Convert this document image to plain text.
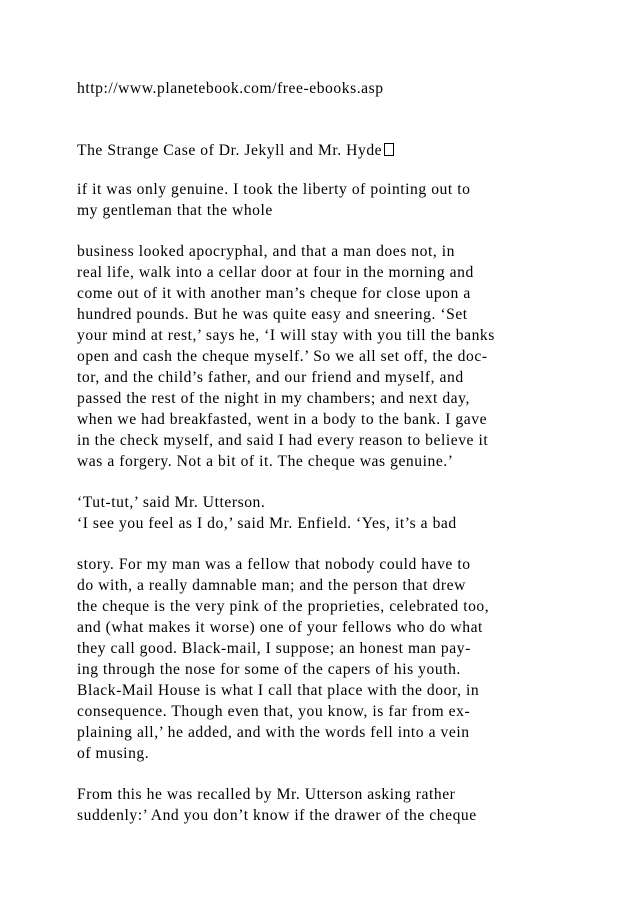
http://www.planetebook.com/free-ebooks.asp
The Strange Case of Dr. Jekyll and Mr. Hyde
if it was only genuine. I took the liberty of pointing out to
my gentleman that the whole
business looked apocryphal, and that a man does not, in
real life, walk into a cellar door at four in the morning and
come out of it with another man’s cheque for close upon a
hundred pounds. But he was quite easy and sneering. ‘Set
your mind at rest,’ says he, ‘I will stay with you till the banks
open and cash the cheque myself.’ So we all set off, the doc-
tor, and the child’s father, and our friend and myself, and
passed the rest of the night in my chambers; and next day,
when we had breakfasted, went in a body to the bank. I gave
in the check myself, and said I had every reason to believe it
was a forgery. Not a bit of it. The cheque was genuine.’
‘Tut-tut,’ said Mr. Utterson.
‘I see you feel as I do,’ said Mr. Enfield. ‘Yes, it’s a bad
story. For my man was a fellow that nobody could have to
do with, a really damnable man; and the person that drew
the cheque is the very pink of the proprieties, celebrated too,
and (what makes it worse) one of your fellows who do what
they call good. Black-mail, I suppose; an honest man pay-
ing through the nose for some of the capers of his youth.
Black-Mail House is what I call that place with the door, in
consequence. Though even that, you know, is far from ex-
plaining all,’ he added, and with the words fell into a vein
of musing.
From this he was recalled by Mr. Utterson asking rather
suddenly:’ And you don’t know if the drawer of the cheque
